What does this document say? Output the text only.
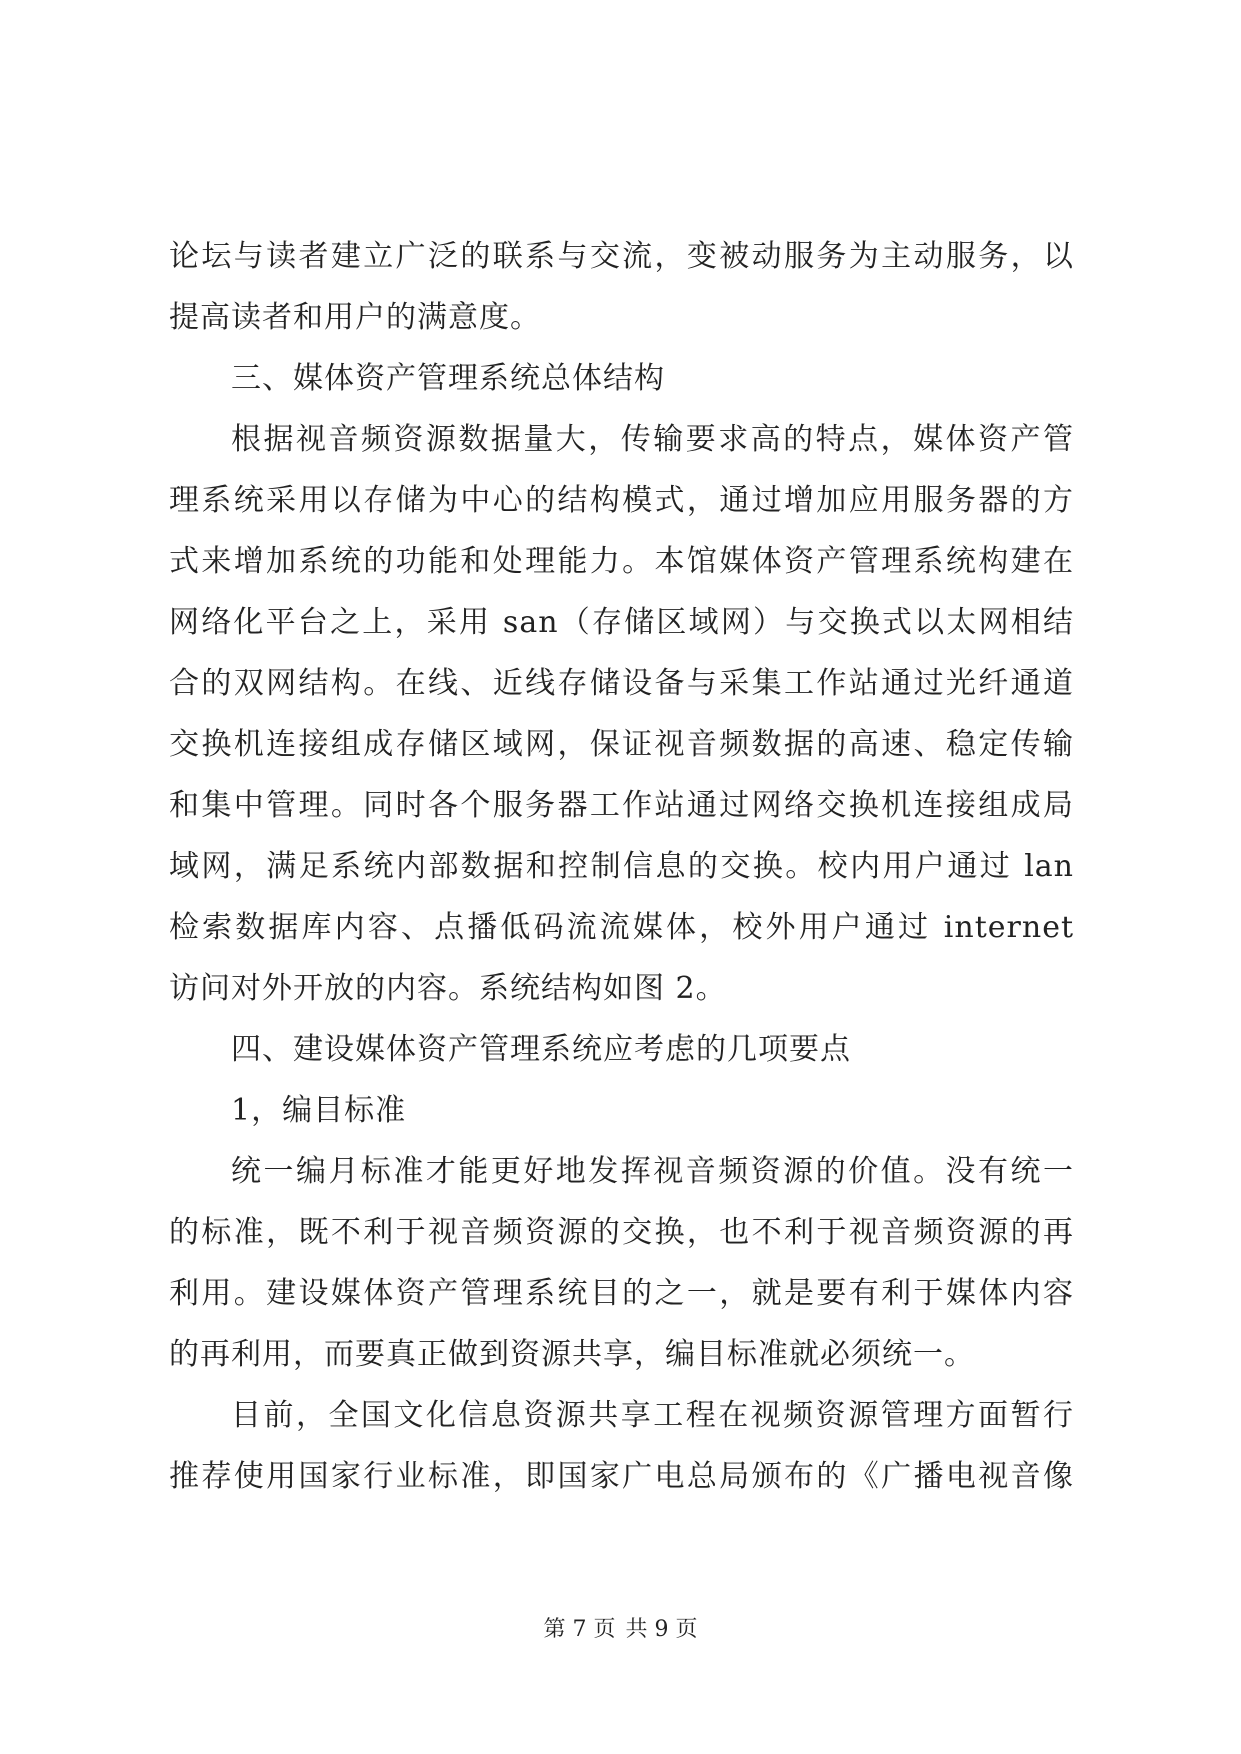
论坛与读者建立广泛的联系与交流，变被动服务为主动服务，以
提高读者和用户的满意度。
三、媒体资产管理系统总体结构
根据视音频资源数据量大，传输要求高的特点，媒体资产管
理系统采用以存储为中心的结构模式，通过增加应用服务器的方
式来增加系统的功能和处理能力。本馆媒体资产管理系统构建在
网络化平台之上，采用 san（存储区域网）与交换式以太网相结
合的双网结构。在线、近线存储设备与采集工作站通过光纤通道
交换机连接组成存储区域网，保证视音频数据的高速、稳定传输
和集中管理。同时各个服务器工作站通过网络交换机连接组成局
域网，满足系统内部数据和控制信息的交换。校内用户通过 lan
检索数据库内容、点播低码流流媒体，校外用户通过 internet
访问对外开放的内容。系统结构如图 2。
四、建设媒体资产管理系统应考虑的几项要点
1，编目标准
统一编月标准才能更好地发挥视音频资源的价值。没有统一
的标准，既不利于视音频资源的交换，也不利于视音频资源的再
利用。建设媒体资产管理系统目的之一，就是要有利于媒体内容
的再利用，而要真正做到资源共享，编目标准就必须统一。
目前，全国文化信息资源共享工程在视频资源管理方面暂行
推荐使用国家行业标准，即国家广电总局颁布的《广播电视音像
第 7 页 共 9 页
